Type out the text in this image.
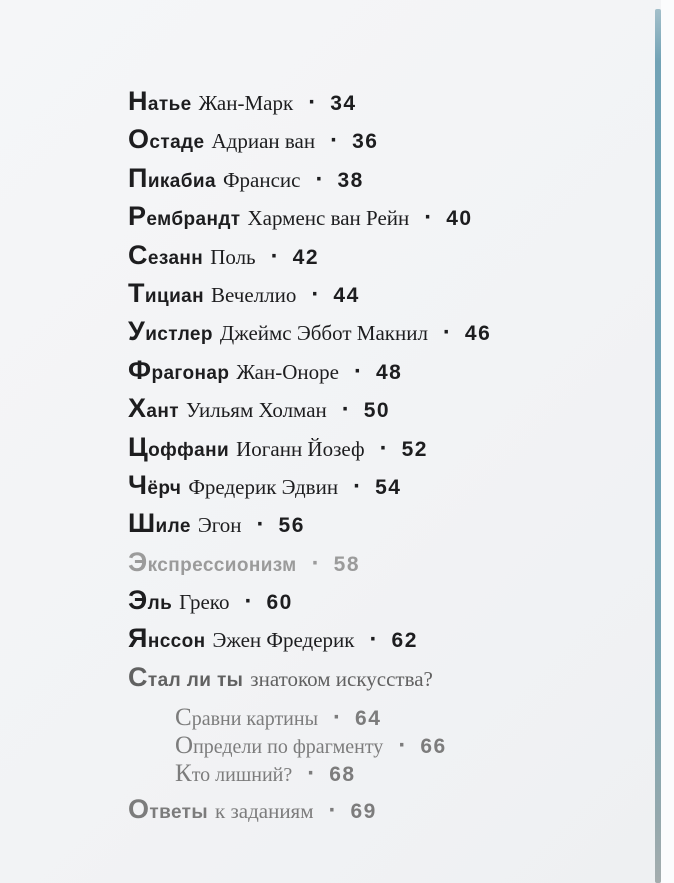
Натье Жан-Марк · 34
Остаде Адриан ван · 36
Пикабиа Франсис · 38
Рембрандт Харменс ван Рейн · 40
Сезанн Поль · 42
Тициан Вечеллио · 44
Уистлер Джеймс Эббот Макнил · 46
Фрагонар Жан-Оноре · 48
Хант Уильям Холман · 50
Цоффани Иоганн Йозеф · 52
Чёрч Фредерик Эдвин · 54
Шиле Эгон · 56
Экспрессионизм · 58
Эль Греко · 60
Янссон Эжен Фредерик · 62
Стал ли ты знатоком искусства?
Сравни картины · 64
Определи по фрагменту · 66
Кто лишний? · 68
Ответы к заданиям · 69
